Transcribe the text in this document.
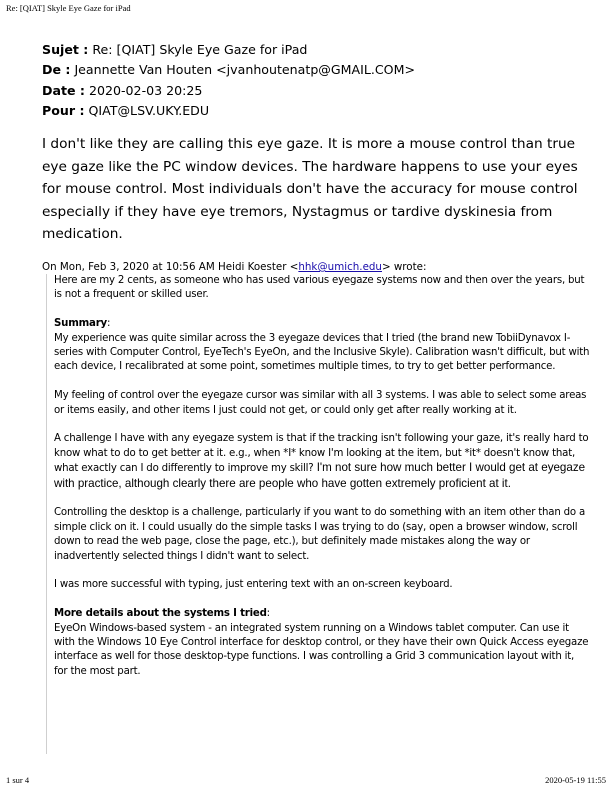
Re: [QIAT] Skyle Eye Gaze for iPad
Sujet : Re: [QIAT] Skyle Eye Gaze for iPad
De : Jeannette Van Houten <jvanhoutenatp@GMAIL.COM>
Date : 2020-02-03 20:25
Pour : QIAT@LSV.UKY.EDU

I don't like they are calling this eye gaze. It is more a mouse control than true eye gaze like the PC window devices. The hardware happens to use your eyes for mouse control. Most individuals don't have the accuracy for mouse control especially if they have eye tremors, Nystagmus or tardive dyskinesia from medication.

On Mon, Feb 3, 2020 at 10:56 AM Heidi Koester <hhk@umich.edu> wrote:

Here are my 2 cents, as someone who has used various eyegaze systems now and then over the years, but is not a frequent or skilled user.

Summary:

My experience was quite similar across the 3 eyegaze devices that I tried (the brand new TobiiDynavox I-series with Computer Control, EyeTech's EyeOn, and the Inclusive Skyle). Calibration wasn't difficult, but with each device, I recalibrated at some point, sometimes multiple times, to try to get better performance.

My feeling of control over the eyegaze cursor was similar with all 3 systems. I was able to select some areas or items easily, and other items I just could not get, or could only get after really working at it.

A challenge I have with any eyegaze system is that if the tracking isn't following your gaze, it's really hard to know what to do to get better at it. e.g., when *I* know I'm looking at the item, but *it* doesn't know that, what exactly can I do differently to improve my skill? I'm not sure how much better I would get at eyegaze with practice, although clearly there are people who have gotten extremely proficient at it.

Controlling the desktop is a challenge, particularly if you want to do something with an item other than do a simple click on it. I could usually do the simple tasks I was trying to do (say, open a browser window, scroll down to read the web page, close the page, etc.), but definitely made mistakes along the way or inadvertently selected things I didn't want to select.

I was more successful with typing, just entering text with an on-screen keyboard.

More details about the systems I tried:

EyeOn Windows-based system - an integrated system running on a Windows tablet computer. Can use it with the Windows 10 Eye Control interface for desktop control, or they have their own Quick Access eyegaze interface as well for those desktop-type functions. I was controlling a Grid 3 communication layout with it, for the most part.

1 sur 4	2020-05-19 11:55
